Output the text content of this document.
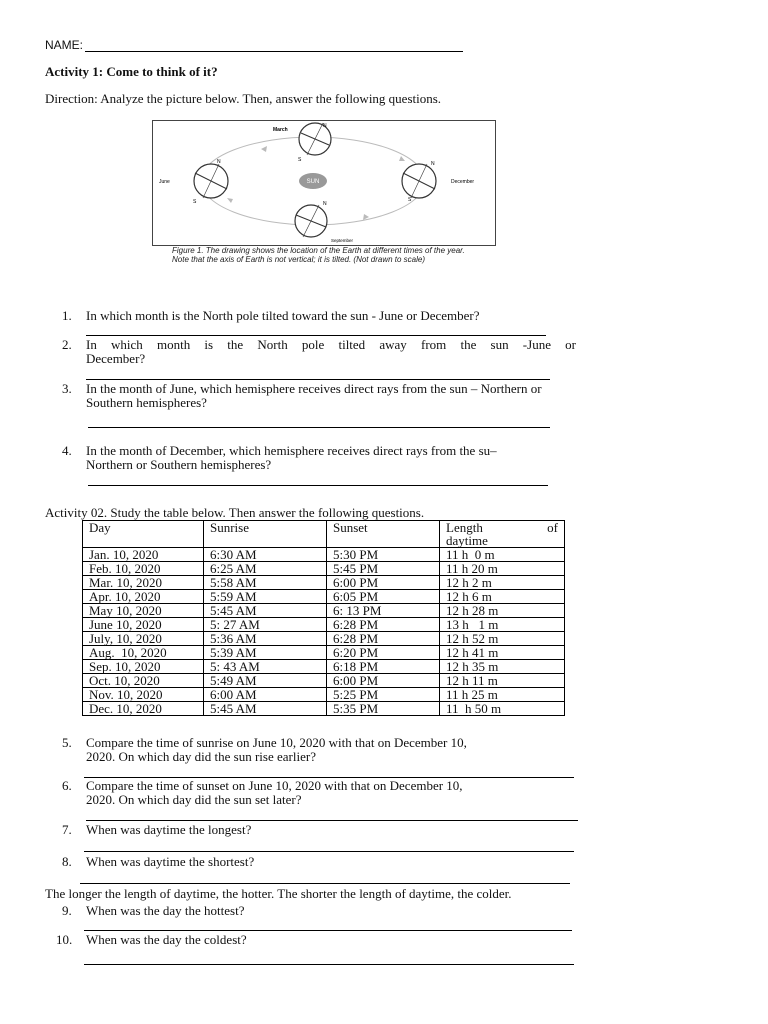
NAME:
Activity 1: Come to think of it?
Direction: Analyze the picture below. Then, answer the following questions.
SUN
March
N
S
June
N
S
December
N
S
N
September
Figure 1. The drawing shows the location of the Earth at different times of the year. Note that the axis of Earth is not vertical; it is tilted. (Not drawn to scale)
1. In which month is the North pole tilted toward the sun - June or December?
2. In which month is the North pole tilted away from the sun -June or
December?
3. In the month of June, which hemisphere receives direct rays from the sun – Northern or
Southern hemispheres?
4. In the month of December, which hemisphere receives direct rays from the su–
Northern or Southern hemispheres?
Activity 02. Study the table below. Then answer the following questions.
Day	Sunrise	Sunset	Length of
daytime

Jan. 10, 2020	6:30 AM	5:30 PM	11 h  0 m
Feb. 10, 2020	6:25 AM	5:45 PM	11 h 20 m
Mar. 10, 2020	5:58 AM	6:00 PM	12 h 2 m
Apr. 10, 2020	5:59 AM	6:05 PM	12 h 6 m
May 10, 2020	5:45 AM	6: 13 PM	12 h 28 m
June 10, 2020	5: 27 AM	6:28 PM	13 h   1 m
July, 10, 2020	5:36 AM	6:28 PM	12 h 52 m
Aug.  10, 2020	5:39 AM	6:20 PM	12 h 41 m
Sep. 10, 2020	5: 43 AM	6:18 PM	12 h 35 m
Oct. 10, 2020	5:49 AM	6:00 PM	12 h 11 m
Nov. 10, 2020	6:00 AM	5:25 PM	11 h 25 m
Dec. 10, 2020	5:45 AM	5:35 PM	11  h 50 m
5. Compare the time of sunrise on June 10, 2020 with that on December 10,
2020. On which day did the sun rise earlier?
6. Compare the time of sunset on June 10, 2020 with that on December 10,
2020. On which day did the sun set later?
7. When was daytime the longest?
8. When was daytime the shortest?
The longer the length of daytime, the hotter. The shorter the length of daytime, the colder.
9. When was the day the hottest?
10. When was the day the coldest?
